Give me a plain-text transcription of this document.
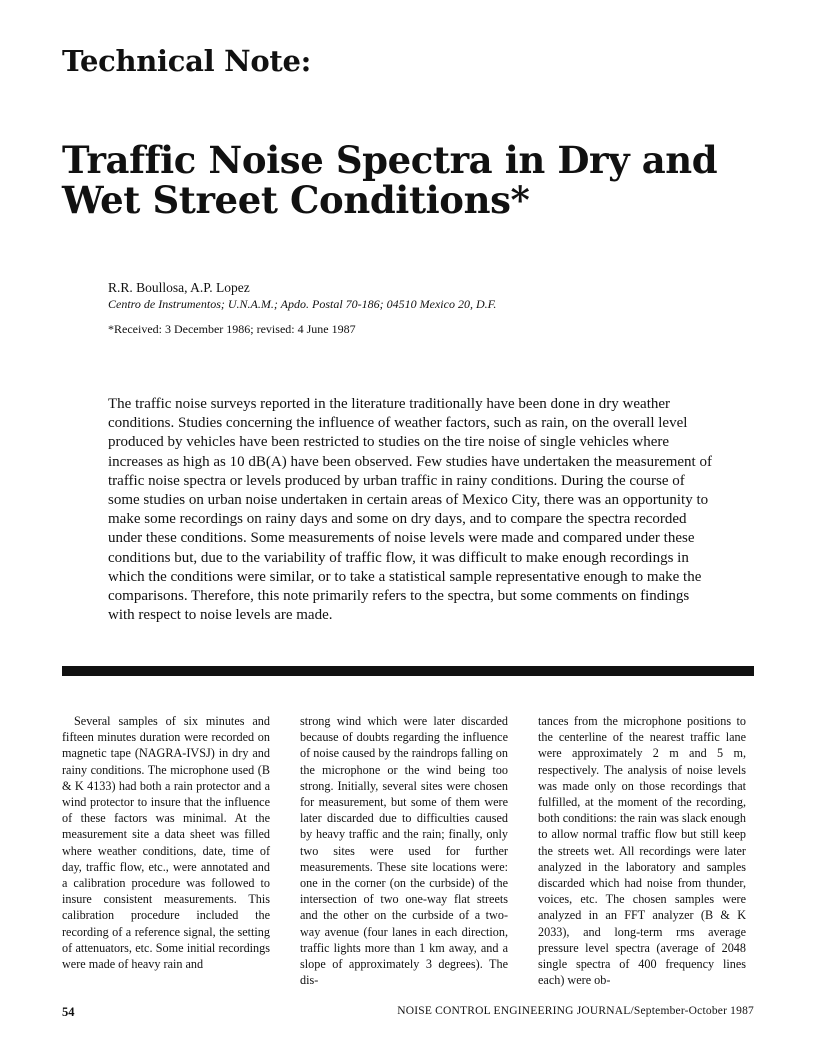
Technical Note:
Traffic Noise Spectra in Dry and Wet Street Conditions*
R.R. Boullosa, A.P. Lopez
Centro de Instrumentos; U.N.A.M.; Apdo. Postal 70-186; 04510 Mexico 20, D.F.
*Received: 3 December 1986; revised: 4 June 1987

The traffic noise surveys reported in the literature traditionally have been done in dry weather conditions. Studies concerning the influence of weather factors, such as rain, on the overall level produced by vehicles have been restricted to studies on the tire noise of single vehicles where increases as high as 10 dB(A) have been observed. Few studies have undertaken the measurement of traffic noise spectra or levels produced by urban traffic in rainy conditions. During the course of some studies on urban noise undertaken in certain areas of Mexico City, there was an opportunity to make some recordings on rainy days and some on dry days, and to compare the spectra recorded under these conditions. Some measurements of noise levels were made and compared under these conditions but, due to the variability of traffic flow, it was difficult to make enough recordings in which the conditions were similar, or to take a statistical sample representative enough to make the comparisons. Therefore, this note primarily refers to the spectra, but some comments on findings with respect to noise levels are made.

Several samples of six minutes and fifteen minutes duration were recorded on magnetic tape (NAGRA-IVSJ) in dry and rainy conditions. The microphone used (B & K 4133) had both a rain protector and a wind protector to insure that the influence of these factors was minimal. At the measurement site a data sheet was filled where weather conditions, date, time of day, traffic flow, etc., were annotated and a calibration procedure was followed to insure consistent measurements. This calibration procedure included the recording of a reference signal, the setting of attenuators, etc. Some initial recordings were made of heavy rain and

strong wind which were later discarded because of doubts regarding the influence of noise caused by the raindrops falling on the microphone or the wind being too strong. Initially, several sites were chosen for measurement, but some of them were later discarded due to difficulties caused by heavy traffic and the rain; finally, only two sites were used for further measurements. These site locations were: one in the corner (on the curbside) of the intersection of two one-way flat streets and the other on the curbside of a two-way avenue (four lanes in each direction, traffic lights more than 1 km away, and a slope of approximately 3 degrees). The dis-

tances from the microphone positions to the centerline of the nearest traffic lane were approximately 2 m and 5 m, respectively. The analysis of noise levels was made only on those recordings that fulfilled, at the moment of the recording, both conditions: the rain was slack enough to allow normal traffic flow but still keep the streets wet. All recordings were later analyzed in the laboratory and samples discarded which had noise from thunder, voices, etc. The chosen samples were analyzed in an FFT analyzer (B & K 2033), and long-term rms average pressure level spectra (average of 2048 single spectra of 400 frequency lines each) were ob-

54	NOISE CONTROL ENGINEERING JOURNAL/September-October 1987
